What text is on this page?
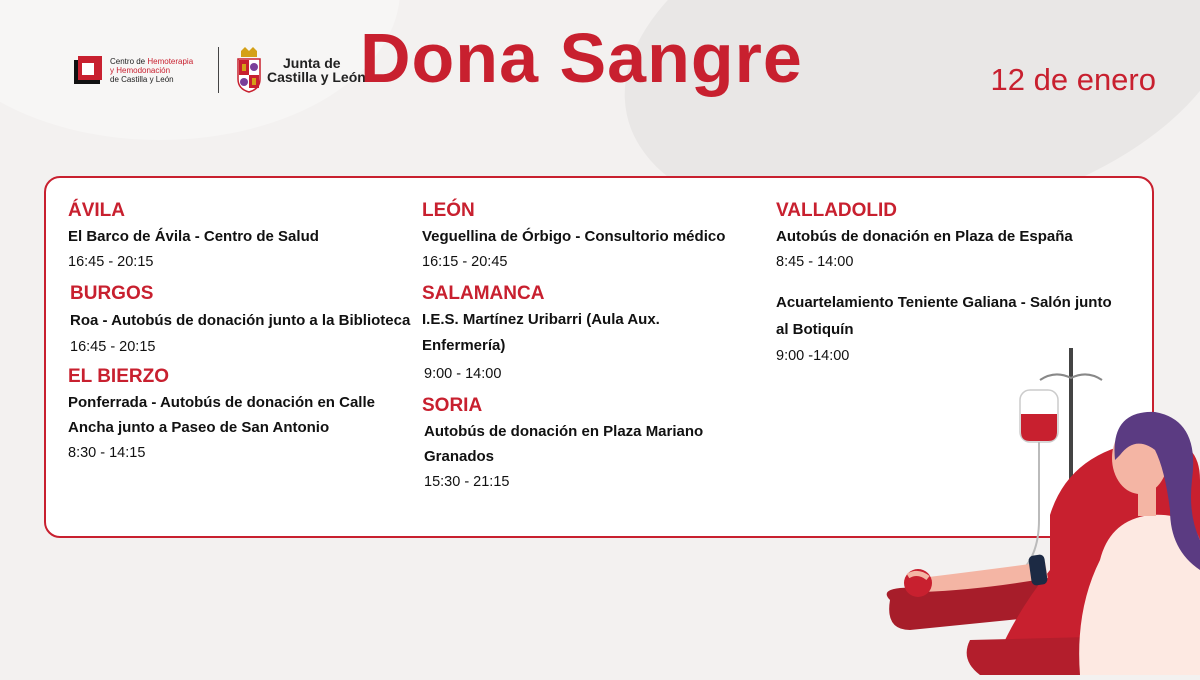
Centro de Hemoterapia
y Hemodonación
de Castilla y León
Junta de
Castilla y León
Dona Sangre	12 de enero
ÁVILA
El Barco de Ávila - Centro de Salud
16:45 - 20:15
BURGOS
Roa - Autobús de donación junto a la Biblioteca
16:45 - 20:15
EL BIERZO
Ponferrada - Autobús de donación en Calle Ancha junto a Paseo de San Antonio
8:30 - 14:15
LEÓN
Veguellina de Órbigo - Consultorio médico
16:15 - 20:45
SALAMANCA
I.E.S. Martínez Uribarri (Aula Aux. Enfermería)
9:00 - 14:00
SORIA
Autobús de donación en Plaza Mariano Granados
15:30 - 21:15
VALLADOLID
Autobús de donación en Plaza de España
8:45 - 14:00
Acuartelamiento Teniente Galiana - Salón junto al Botiquín
9:00 -14:00
